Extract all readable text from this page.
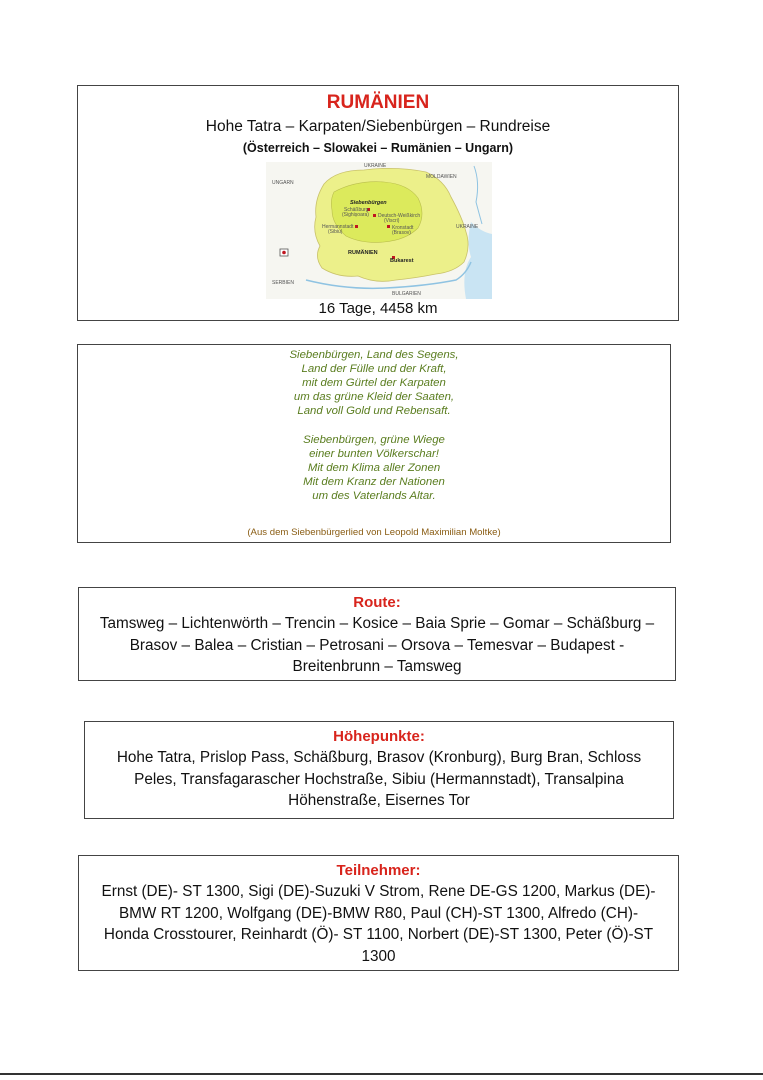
RUMÄNIEN
Hohe Tatra – Karpaten/Siebenbürgen – Rundreise
(Österreich – Slowakei – Rumänien – Ungarn)
UKRAINE
MOLDAWIEN
UNGARN
Siebenbürgen
Schäßburg
(Sighișoara) Deutsch-Weißkirch
(Viscri)
Hermannstadt
(Sibiu)
Kronstadt
(Brasov)
UKRAINE
RUMÄNIEN
Bukarest
SERBIEN
BULGARIEN
16 Tage, 4458 km
Siebenbürgen, Land des Segens,
Land der Fülle und der Kraft,
mit dem Gürtel der Karpaten
um das grüne Kleid der Saaten,
Land voll Gold und Rebensaft.
Siebenbürgen, grüne Wiege
einer bunten Völkerschar!
Mit dem Klima aller Zonen
Mit dem Kranz der Nationen
um des Vaterlands Altar.
(Aus dem Siebenbürgerlied von Leopold Maximilian Moltke)
Route:
Tamsweg – Lichtenwörth – Trencin – Kosice – Baia Sprie – Gomar – Schäßburg –
Brasov – Balea – Cristian – Petrosani – Orsova – Temesvar – Budapest -
Breitenbrunn – Tamsweg
Höhepunkte:
Hohe Tatra, Prislop Pass, Schäßburg, Brasov (Kronburg), Burg Bran, Schloss
Peles, Transfagarascher Hochstraße, Sibiu (Hermannstadt), Transalpina
Höhenstraße, Eisernes Tor
Teilnehmer:
Ernst (DE)- ST 1300, Sigi (DE)-Suzuki V Strom, Rene DE-GS 1200, Markus (DE)-
BMW RT 1200, Wolfgang (DE)-BMW R80, Paul (CH)-ST 1300, Alfredo (CH)-
Honda Crosstourer, Reinhardt (Ö)- ST 1100, Norbert (DE)-ST 1300, Peter (Ö)-ST
1300
